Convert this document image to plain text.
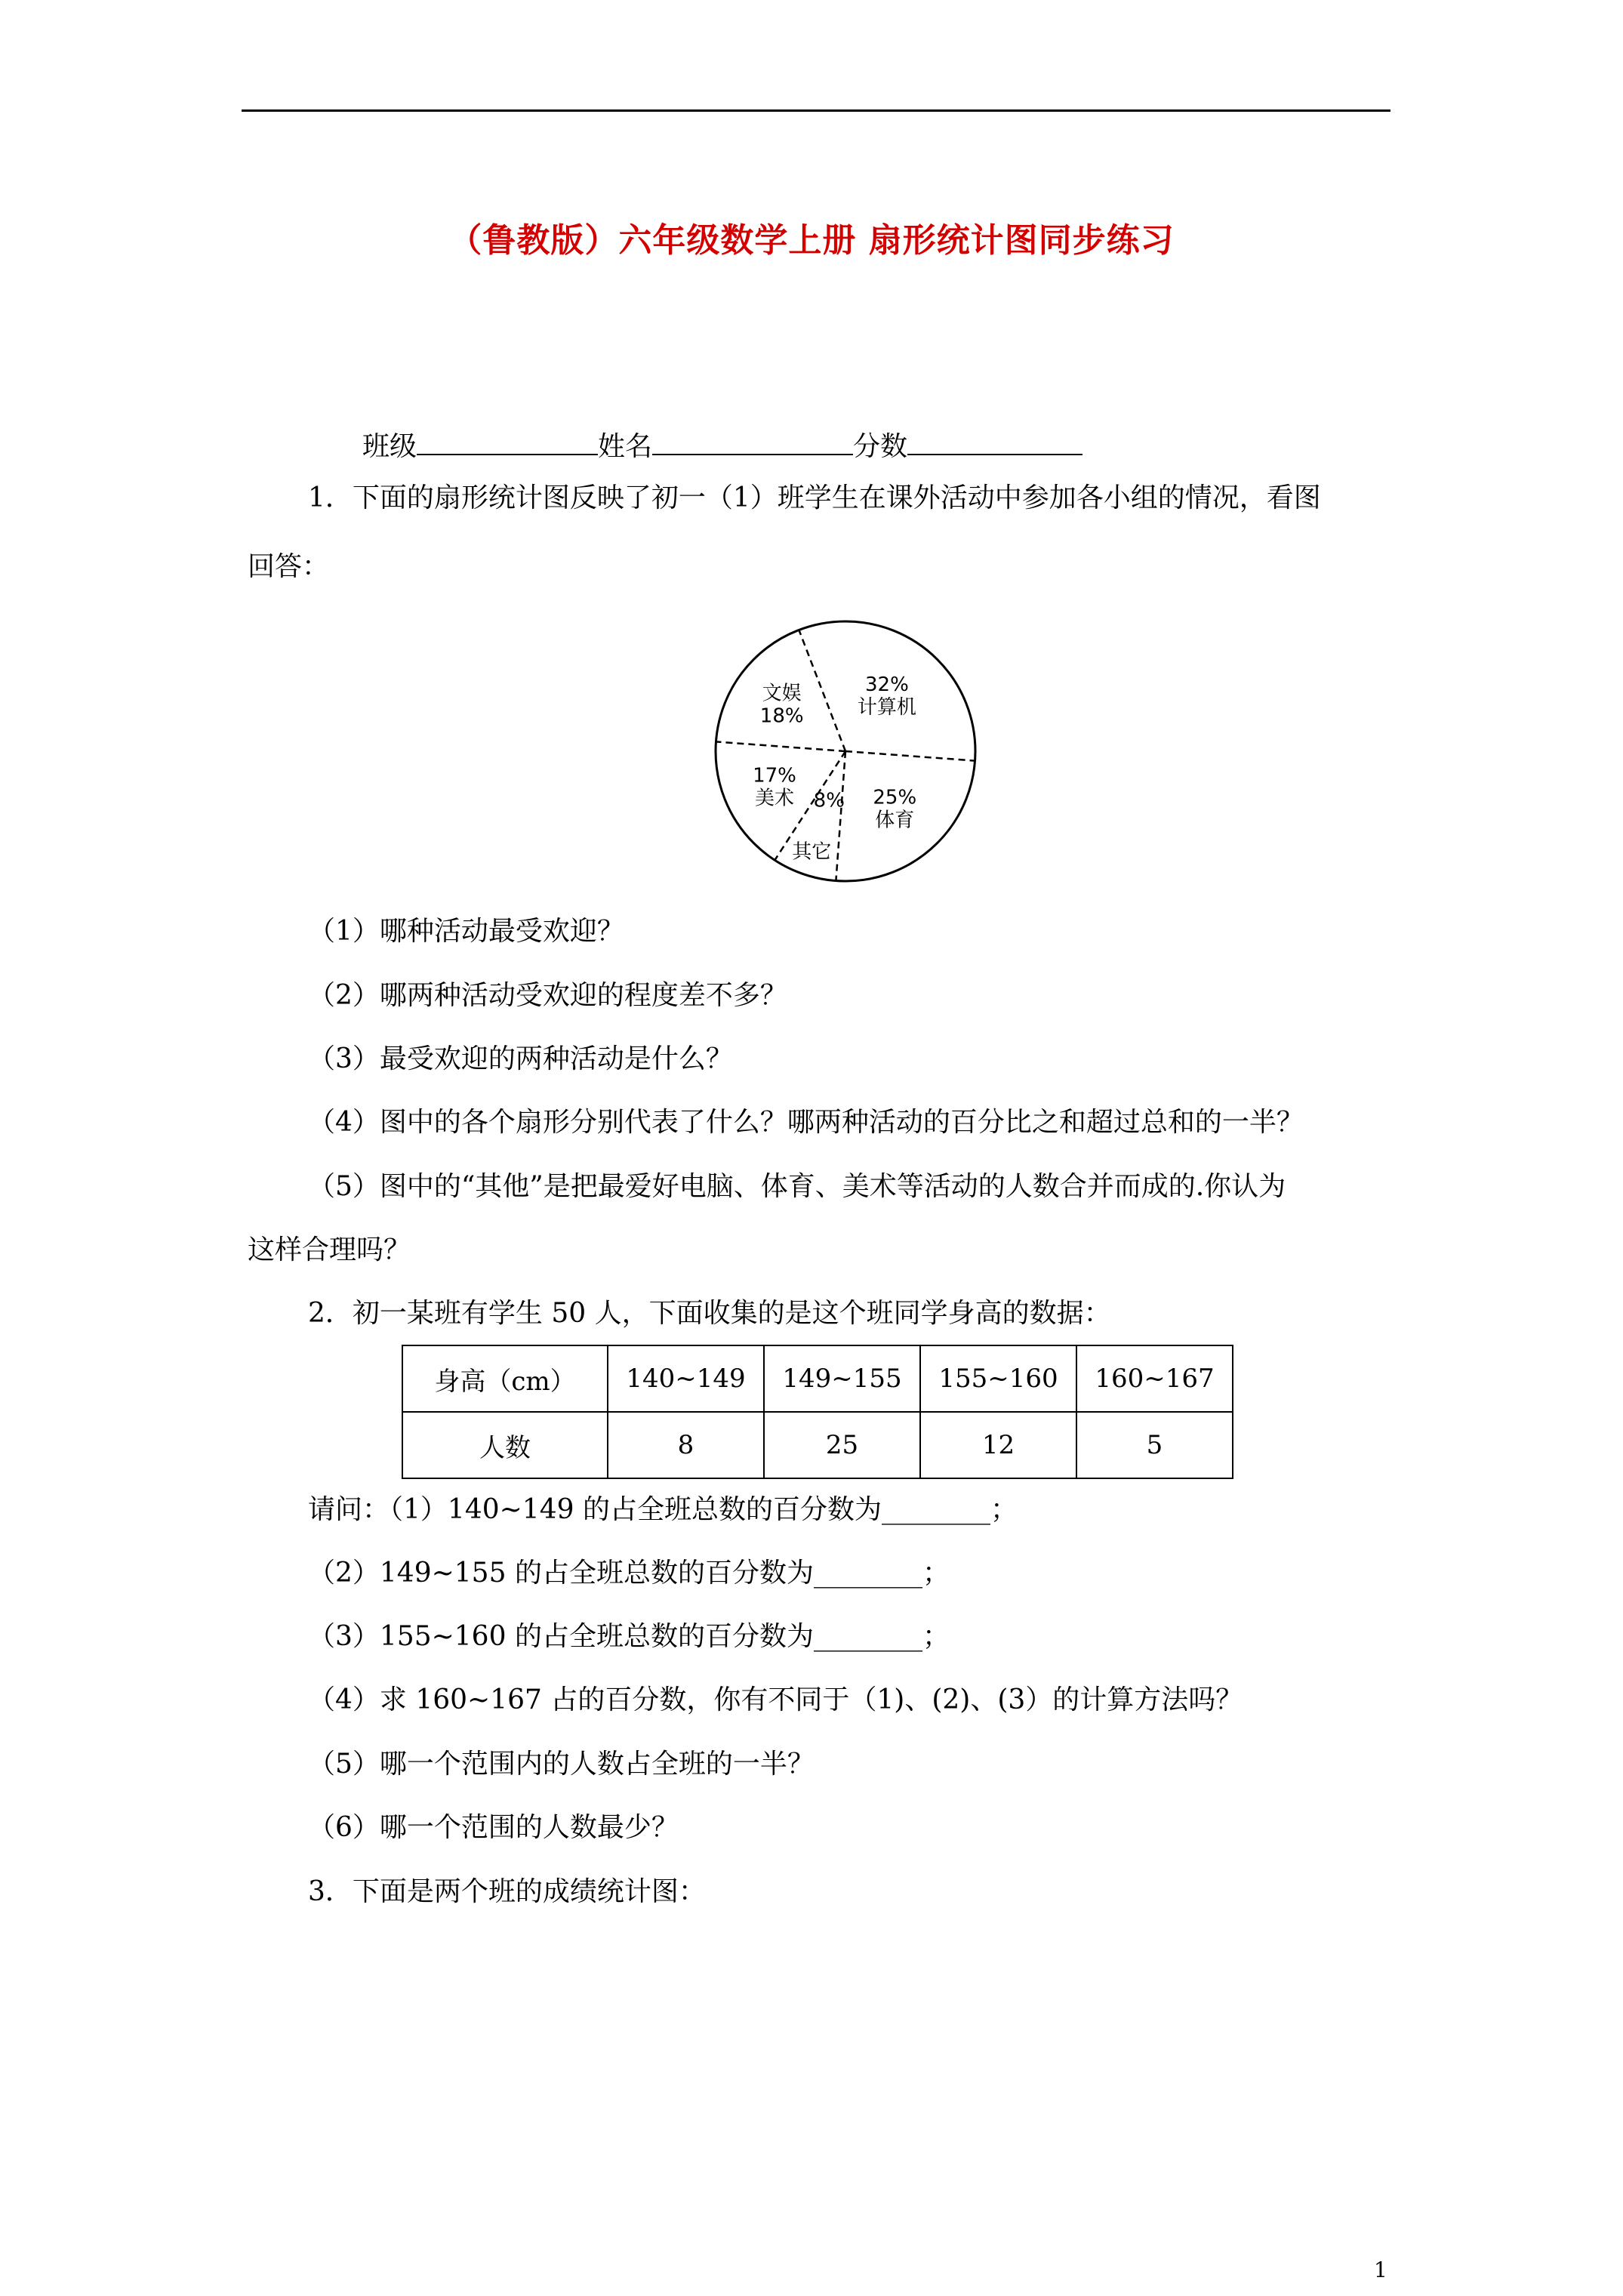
（鲁教版）六年级数学上册 扇形统计图同步练习
班级	姓名	分数
1．下面的扇形统计图反映了初一（1）班学生在课外活动中参加各小组的情况，看图
回答：
32%
计算机
25%
体育
其它
17%
美术
文娱
18%
8%
（1）哪种活动最受欢迎？
（2）哪两种活动受欢迎的程度差不多？
（3）最受欢迎的两种活动是什么？
（4）图中的各个扇形分别代表了什么？哪两种活动的百分比之和超过总和的一半？
（5）图中的“其他”是把最爱好电脑、体育、美术等活动的人数合并而成的.你认为
这样合理吗？
2．初一某班有学生 50 人，下面收集的是这个班同学身高的数据：
身高（cm）	140~149	149~155	155~160	160~167
人数	8	25	12	5
请问：（1）140~149 的占全班总数的百分数为________；
（2）149~155 的占全班总数的百分数为________；
（3）155~160 的占全班总数的百分数为________；
（4）求 160~167 占的百分数，你有不同于（1)、(2)、(3）的计算方法吗？
（5）哪一个范围内的人数占全班的一半？
（6）哪一个范围的人数最少？
3．下面是两个班的成绩统计图：
1
